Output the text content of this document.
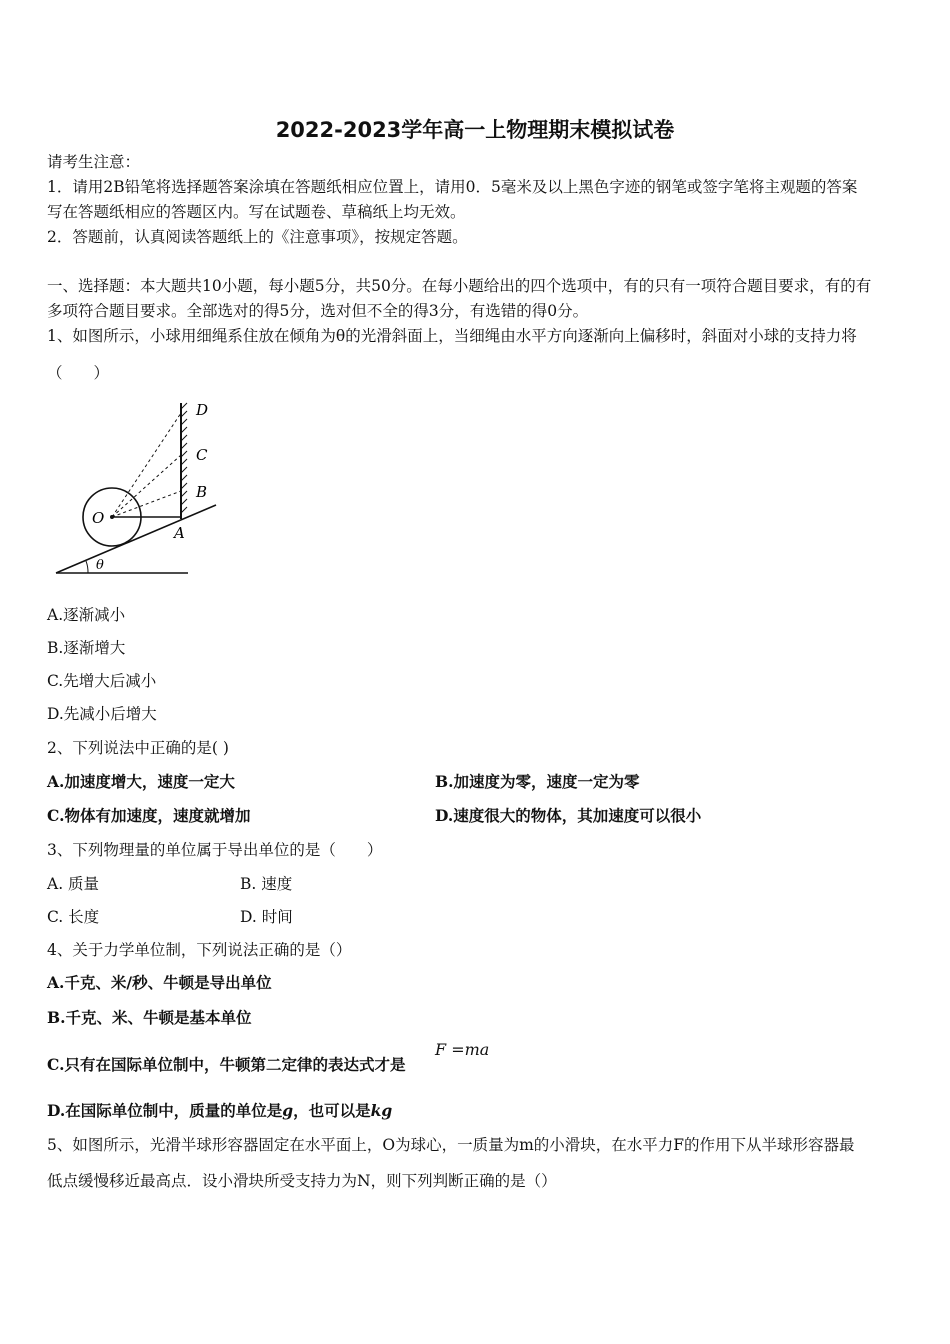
2022-2023学年高一上物理期末模拟试卷
请考生注意：
1．请用2B铅笔将选择题答案涂填在答题纸相应位置上，请用0．5毫米及以上黑色字迹的钢笔或签字笔将主观题的答案
写在答题纸相应的答题区内。写在试题卷、草稿纸上均无效。
2．答题前，认真阅读答题纸上的《注意事项》，按规定答题。
一、选择题：本大题共10小题，每小题5分，共50分。在每小题给出的四个选项中，有的只有一项符合题目要求，有的有
多项符合题目要求。全部选对的得5分，选对但不全的得3分，有选错的得0分。
1、如图所示，小球用细绳系住放在倾角为θ的光滑斜面上，当细绳由水平方向逐渐向上偏移时，斜面对小球的支持力将
（　　）
D
C
B
A
O
θ
A.逐渐减小
B.逐渐增大
C.先增大后减小
D.先减小后增大
2、下列说法中正确的是( )
A.加速度增大，速度一定大	B.加速度为零，速度一定为零
C.物体有加速度，速度就增加	D.速度很大的物体，其加速度可以很小
3、下列物理量的单位属于导出单位的是（　　）
A. 质量	B. 速度
C. 长度	D. 时间
4、关于力学单位制，下列说法正确的是（）
A.千克、米/秒、牛顿是导出单位
B.千克、米、牛顿是基本单位
C.只有在国际单位制中，牛顿第二定律的表达式才是
F =ma
D.在国际单位制中，质量的单位是g，也可以是kg
5、如图所示，光滑半球形容器固定在水平面上，O为球心，一质量为m的小滑块，在水平力F的作用下从半球形容器最
低点缓慢移近最高点．设小滑块所受支持力为N，则下列判断正确的是（）
